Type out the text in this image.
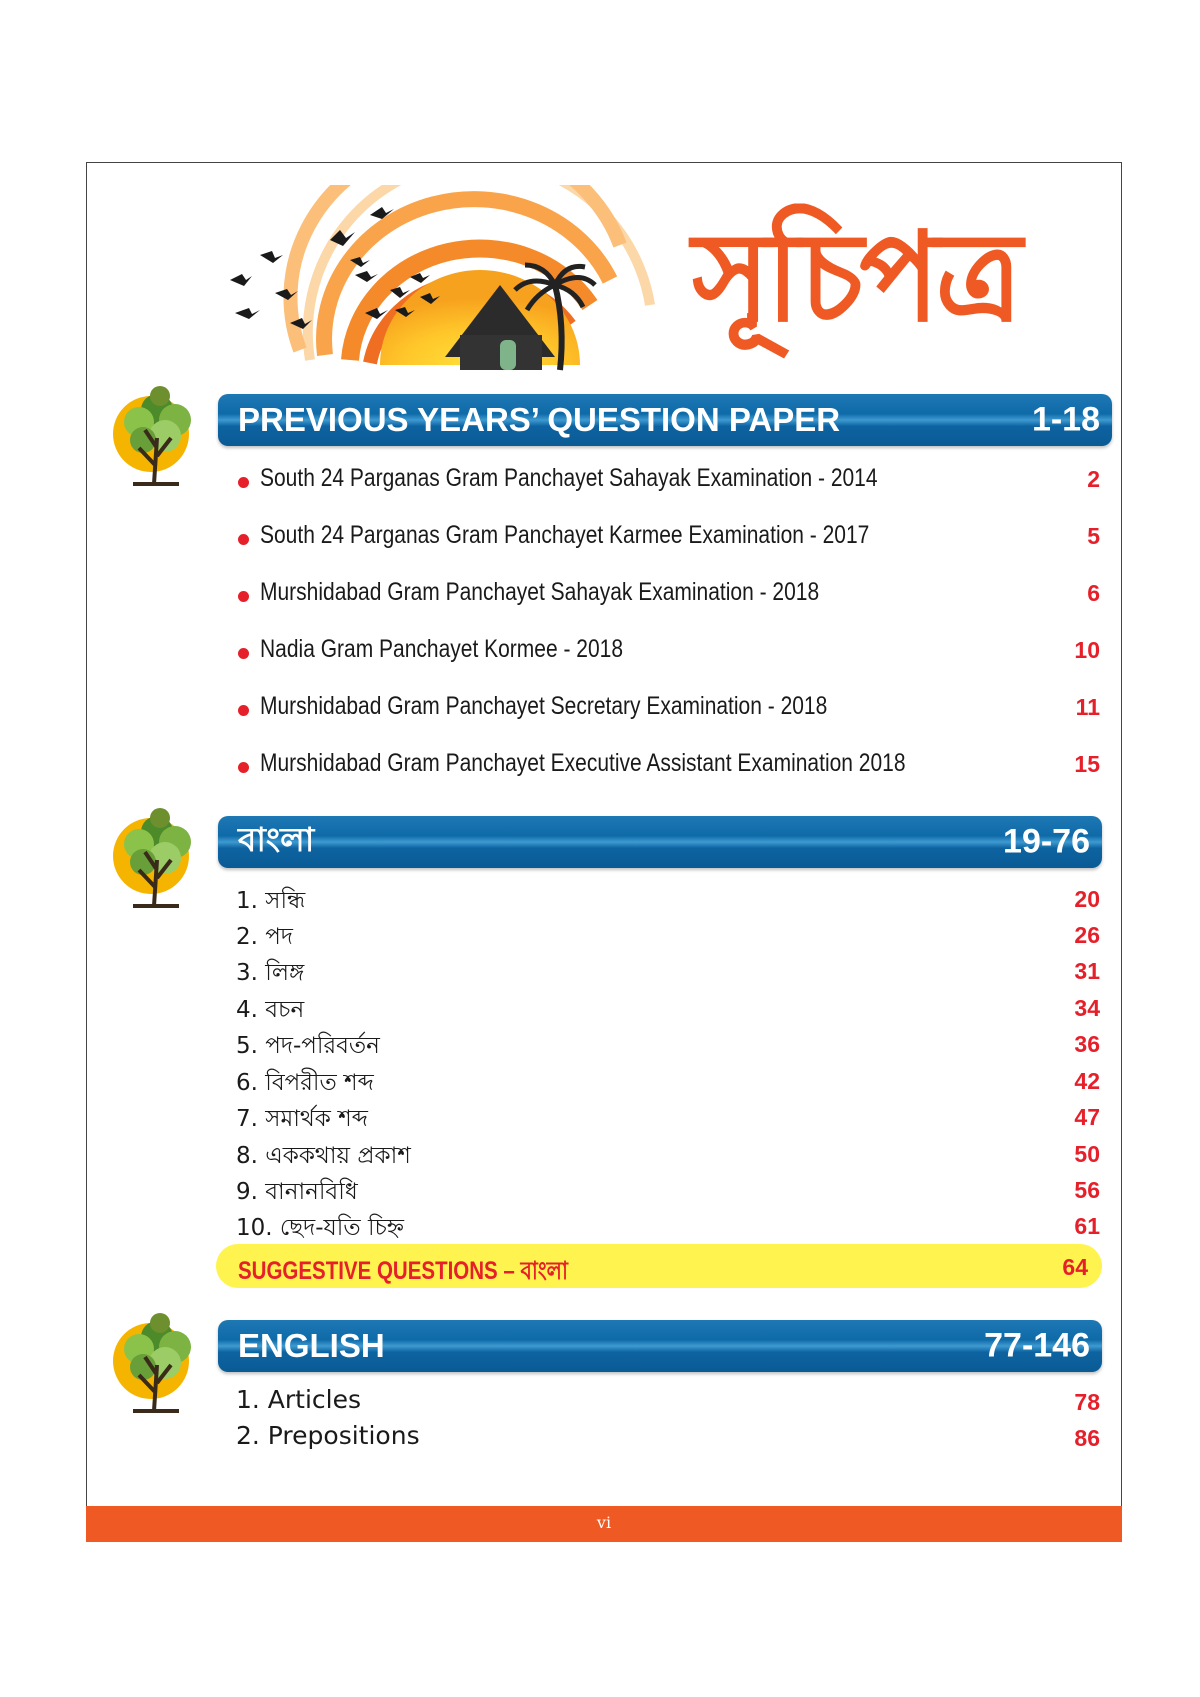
সূচিপত্র
PREVIOUS YEARS’ QUESTION PAPER	1-18
South 24 Parganas Gram Panchayet Sahayak Examination - 2014	2
South 24 Parganas Gram Panchayet Karmee Examination - 2017	5
Murshidabad Gram Panchayet Sahayak Examination - 2018	6
Nadia Gram Panchayet Kormee - 2018	10
Murshidabad Gram Panchayet Secretary Examination - 2018	11
Murshidabad Gram Panchayet Executive Assistant Examination 2018	15
বাংলা	19-76
1. সন্ধি	20
2. পদ	26
3. লিঙ্গ	31
4. বচন	34
5. পদ-পরিবর্তন	36
6. বিপরীত শব্দ	42
7. সমার্থক শব্দ	47
8. এককথায় প্রকাশ	50
9. বানানবিধি	56
10. ছেদ-যতি চিহ্ন	61
SUGGESTIVE QUESTIONS – বাংলা	64
ENGLISH	77-146
1. Articles	78
2. Prepositions	86
vi
